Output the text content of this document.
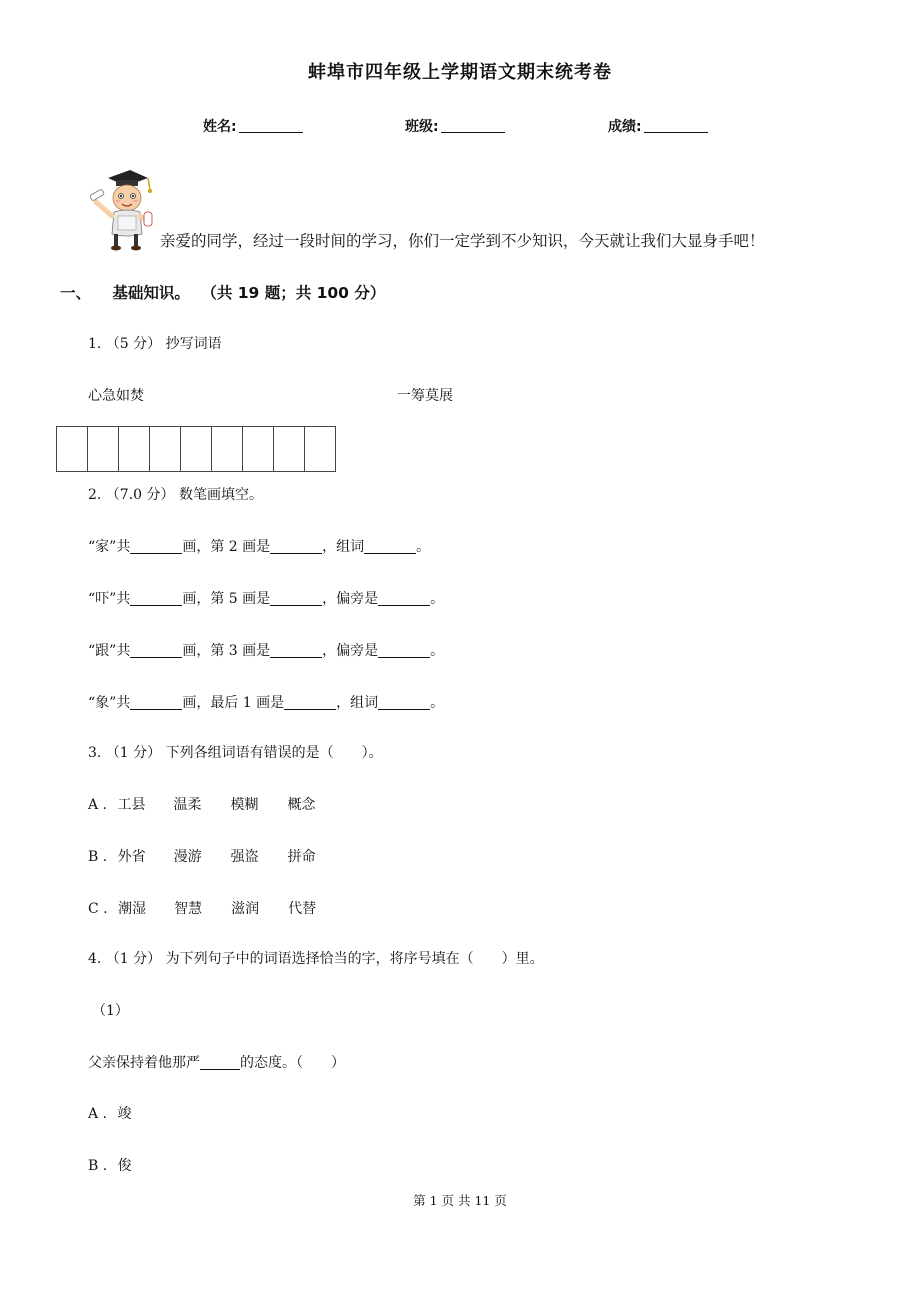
蚌埠市四年级上学期语文期末统考卷
姓名:	班级:	成绩:
亲爱的同学，经过一段时间的学习，你们一定学到不少知识，今天就让我们大显身手吧！
一、 基础知识。 （共 19 题；共 100 分）
1. （5 分） 抄写词语
心急如焚	一筹莫展
2. （7.0 分） 数笔画填空。
“家”共	画，第 2 画是	，组词	。
“吓”共	画，第 5 画是	，偏旁是	。
“跟”共	画，第 3 画是	，偏旁是	。
“象”共	画，最后 1 画是	，组词	。
3. （1 分） 下列各组词语有错误的是（　　）。
A . 工县 温柔 模糊 概念
B . 外省 漫游 强盗 拼命
C . 潮湿 智慧 滋润 代替
4. （1 分） 为下列句子中的词语选择恰当的字，将序号填在（　　）里。
（1）
父亲保持着他那严	的态度。（　　）
A . 竣
B . 俊
第 1 页 共 11 页
